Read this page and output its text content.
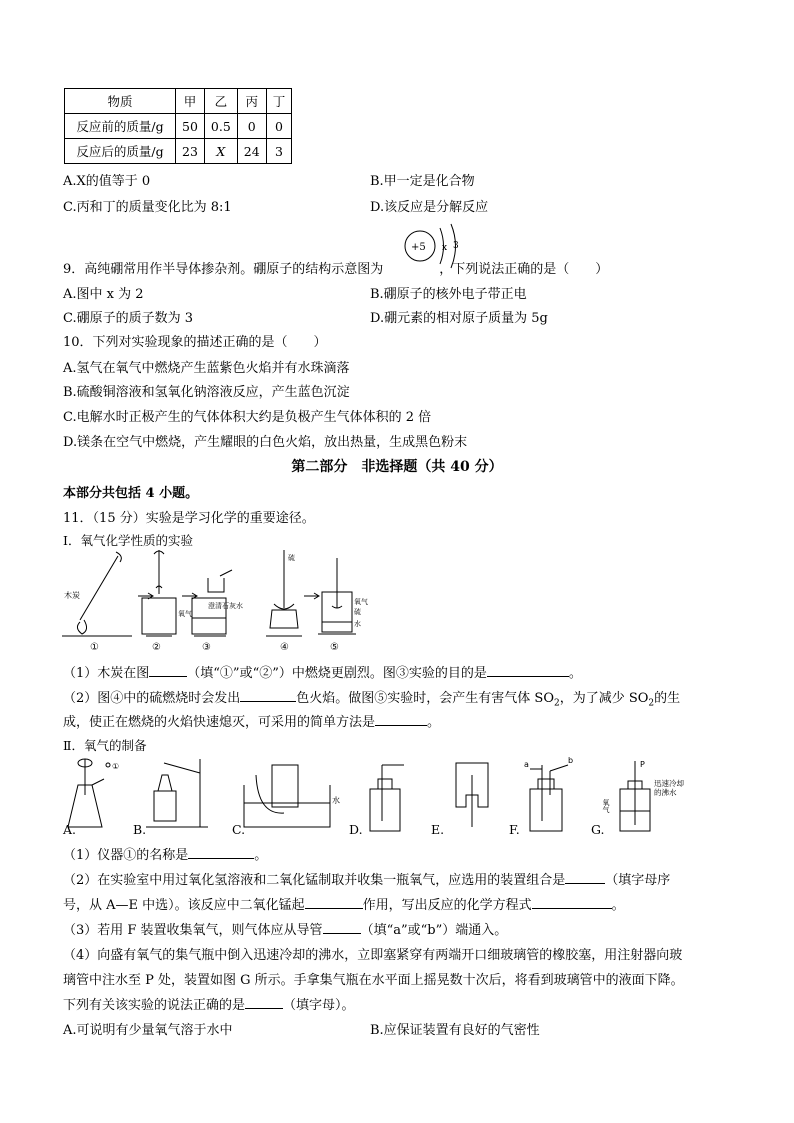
物质	甲	乙	丙	丁
反应前的质量/g	50	0.5	0	0
反应后的质量/g	23	X	24	3
A.X的值等于 0	B.甲一定是化合物
C.丙和丁的质量变化比为 8:1	D.该反应是分解反应
9．高纯硼常用作半导体掺杂剂。硼原子的结构示意图为	，下列说法正确的是（　　）
+5 x 3
A.图中 x 为 2	B.硼原子的核外电子带正电
C.硼原子的质子数为 3	D.硼元素的相对原子质量为 5g
10．下列对实验现象的描述正确的是（　　）
A.氢气在氧气中燃烧产生蓝紫色火焰并有水珠滴落
B.硫酸铜溶液和氢氧化钠溶液反应，产生蓝色沉淀
C.电解水时正极产生的气体体积大约是负极产生气体体积的 2 倍
D.镁条在空气中燃烧，产生耀眼的白色火焰，放出热量，生成黑色粉末
第二部分　非选择题（共 40 分）
本部分共包括 4 小题。
11．（15 分）实验是学习化学的重要途径。
Ⅰ．氧气化学性质的实验
木炭
氧气
澄清石灰水
硫
氧气
硫
水
①	②	③	④	⑤
（1）木炭在图	（填“①”或“②”）中燃烧更剧烈。图③实验的目的是	。
（2）图④中的硫燃烧时会发出	色火焰。做图⑤实验时，会产生有害气体 $SO_2$，为了减少 $SO_2$的生
成，使正在燃烧的火焰快速熄灭，可采用的简单方法是	。
Ⅱ．氧气的制备
①
水
a	b	P
氧气
迅速冷却的沸水
A.	B.	C.	D.	E.	F.	G.
（1）仪器①的名称是	。
（2）在实验室中用过氧化氢溶液和二氧化锰制取并收集一瓶氧气，应选用的装置组合是	（填字母序
号，从 A—E 中选）。该反应中二氧化锰起	作用，写出反应的化学方程式	。
（3）若用 F 装置收集氧气，则气体应从导管	（填“a”或“b”）端通入。
（4）向盛有氧气的集气瓶中倒入迅速冷却的沸水，立即塞紧穿有两端开口细玻璃管的橡胶塞，用注射器向玻
璃管中注水至 P 处，装置如图 G 所示。手拿集气瓶在水平面上摇晃数十次后，将看到玻璃管中的液面下降。
下列有关该实验的说法正确的是	（填字母）。
A.可说明有少量氧气溶于水中	B.应保证装置有良好的气密性
